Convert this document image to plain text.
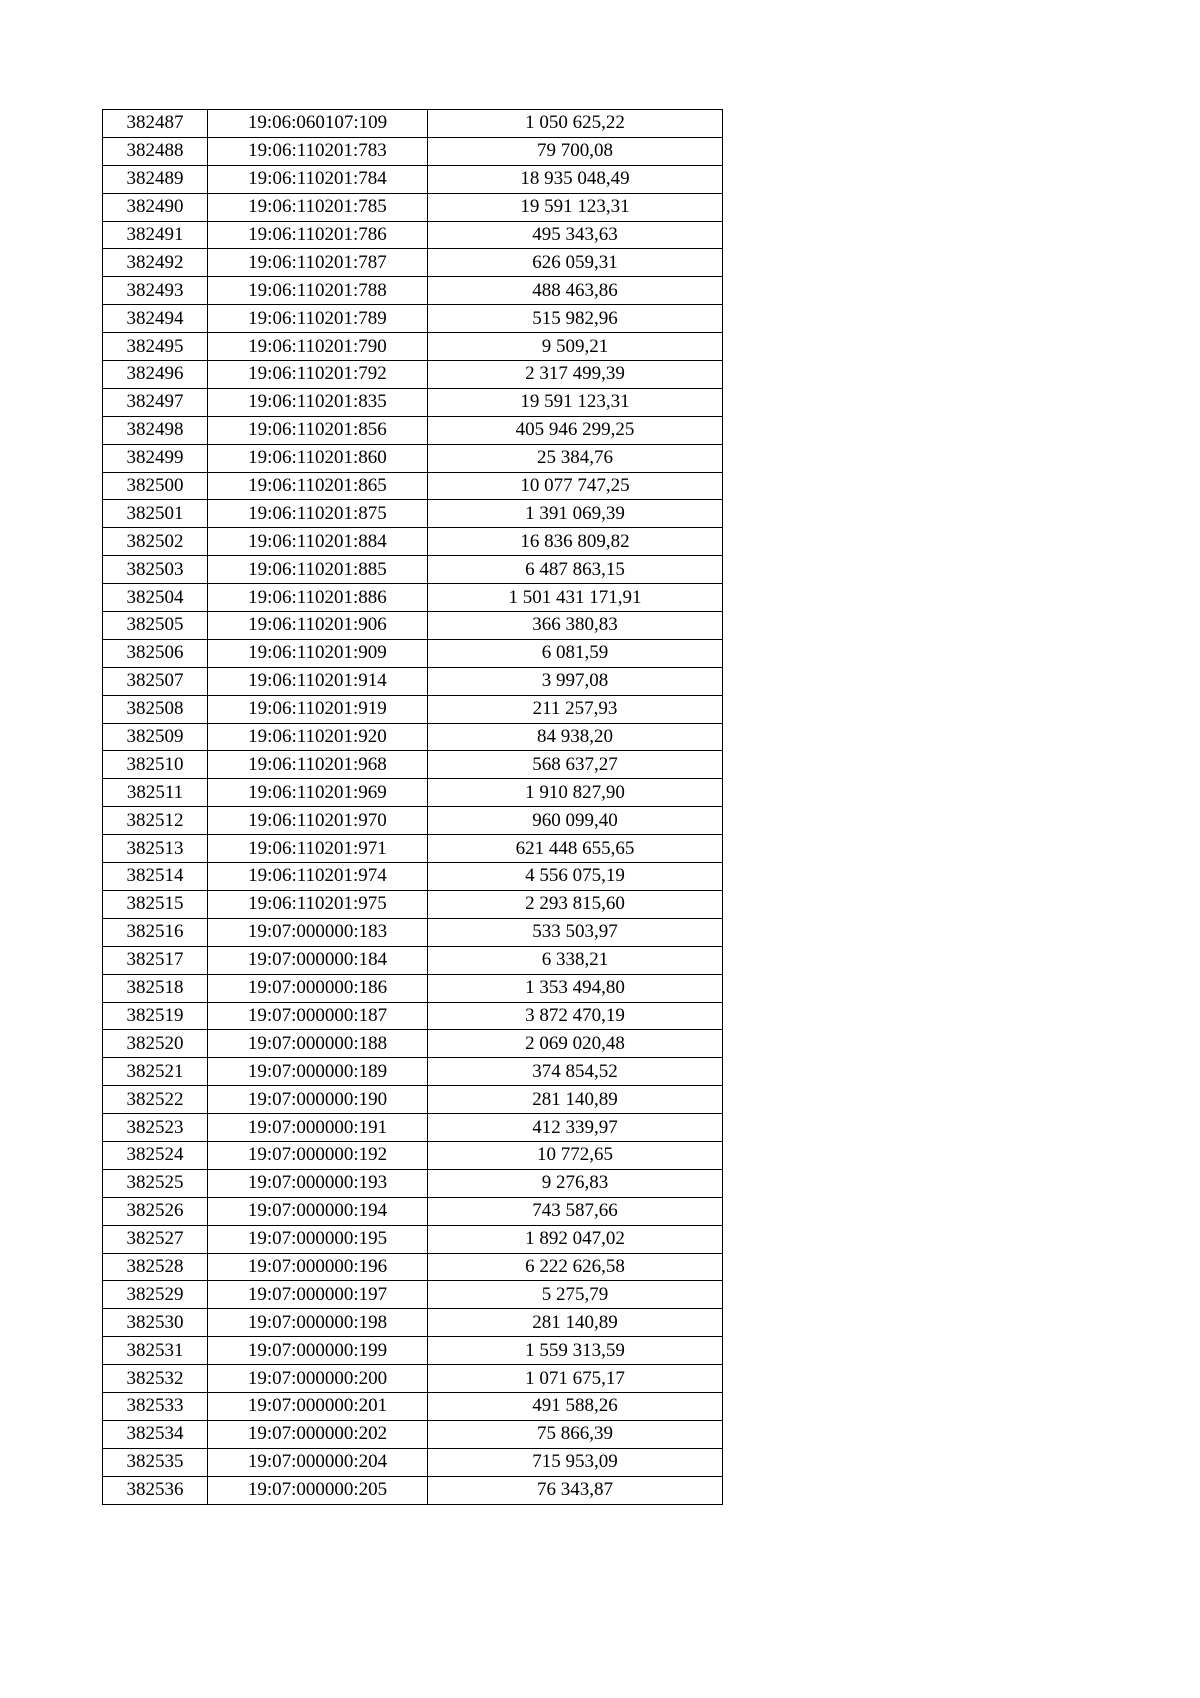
382487	19:06:060107:109	1 050 625,22
382488	19:06:110201:783	79 700,08
382489	19:06:110201:784	18 935 048,49
382490	19:06:110201:785	19 591 123,31
382491	19:06:110201:786	495 343,63
382492	19:06:110201:787	626 059,31
382493	19:06:110201:788	488 463,86
382494	19:06:110201:789	515 982,96
382495	19:06:110201:790	9 509,21
382496	19:06:110201:792	2 317 499,39
382497	19:06:110201:835	19 591 123,31
382498	19:06:110201:856	405 946 299,25
382499	19:06:110201:860	25 384,76
382500	19:06:110201:865	10 077 747,25
382501	19:06:110201:875	1 391 069,39
382502	19:06:110201:884	16 836 809,82
382503	19:06:110201:885	6 487 863,15
382504	19:06:110201:886	1 501 431 171,91
382505	19:06:110201:906	366 380,83
382506	19:06:110201:909	6 081,59
382507	19:06:110201:914	3 997,08
382508	19:06:110201:919	211 257,93
382509	19:06:110201:920	84 938,20
382510	19:06:110201:968	568 637,27
382511	19:06:110201:969	1 910 827,90
382512	19:06:110201:970	960 099,40
382513	19:06:110201:971	621 448 655,65
382514	19:06:110201:974	4 556 075,19
382515	19:06:110201:975	2 293 815,60
382516	19:07:000000:183	533 503,97
382517	19:07:000000:184	6 338,21
382518	19:07:000000:186	1 353 494,80
382519	19:07:000000:187	3 872 470,19
382520	19:07:000000:188	2 069 020,48
382521	19:07:000000:189	374 854,52
382522	19:07:000000:190	281 140,89
382523	19:07:000000:191	412 339,97
382524	19:07:000000:192	10 772,65
382525	19:07:000000:193	9 276,83
382526	19:07:000000:194	743 587,66
382527	19:07:000000:195	1 892 047,02
382528	19:07:000000:196	6 222 626,58
382529	19:07:000000:197	5 275,79
382530	19:07:000000:198	281 140,89
382531	19:07:000000:199	1 559 313,59
382532	19:07:000000:200	1 071 675,17
382533	19:07:000000:201	491 588,26
382534	19:07:000000:202	75 866,39
382535	19:07:000000:204	715 953,09
382536	19:07:000000:205	76 343,87
